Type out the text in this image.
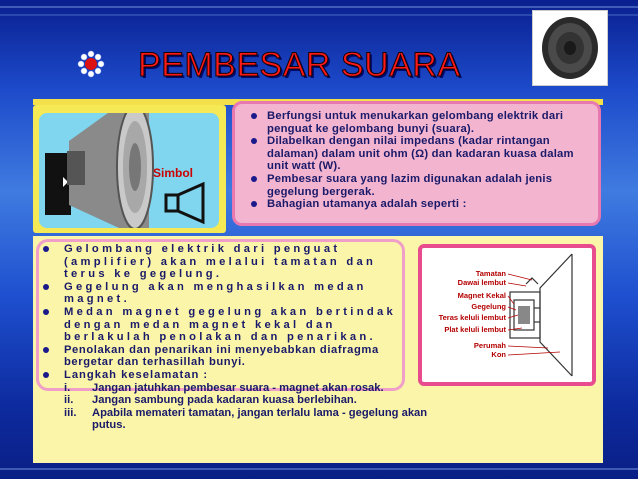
PEMBESAR SUARA
Simbol
Berfungsi untuk menukarkan gelombang elektrik dari penguat ke gelombang bunyi (suara).
Dilabelkan dengan nilai impedans (kadar rintangan dalaman) dalam unit ohm (Ω) dan kadaran kuasa dalam unit watt (W).
Pembesar suara yang lazim digunakan adalah jenis gegelung bergerak.
Bahagian utamanya adalah seperti :
Tamatan
Dawai lembut
Magnet Kekal
Gegelung
Teras keluli lembut
Plat keluli lembut
Perumah
Kon
Gelombang elektrik dari penguat (amplifier) akan melalui tamatan dan terus ke gegelung.
Gegelung akan menghasilkan medan magnet.
Medan magnet gegelung akan bertindak dengan medan magnet kekal dan berlakulah penolakan dan penarikan.
Penolakan dan penarikan ini menyebabkan diafragma bergetar dan terhasillah bunyi.
Langkah keselamatan :
i. Jangan jatuhkan pembesar suara - magnet akan rosak.
ii. Jangan sambung pada kadaran kuasa berlebihan.
iii. Apabila memateri tamatan, jangan terlalu lama - gegelung akan
putus.
